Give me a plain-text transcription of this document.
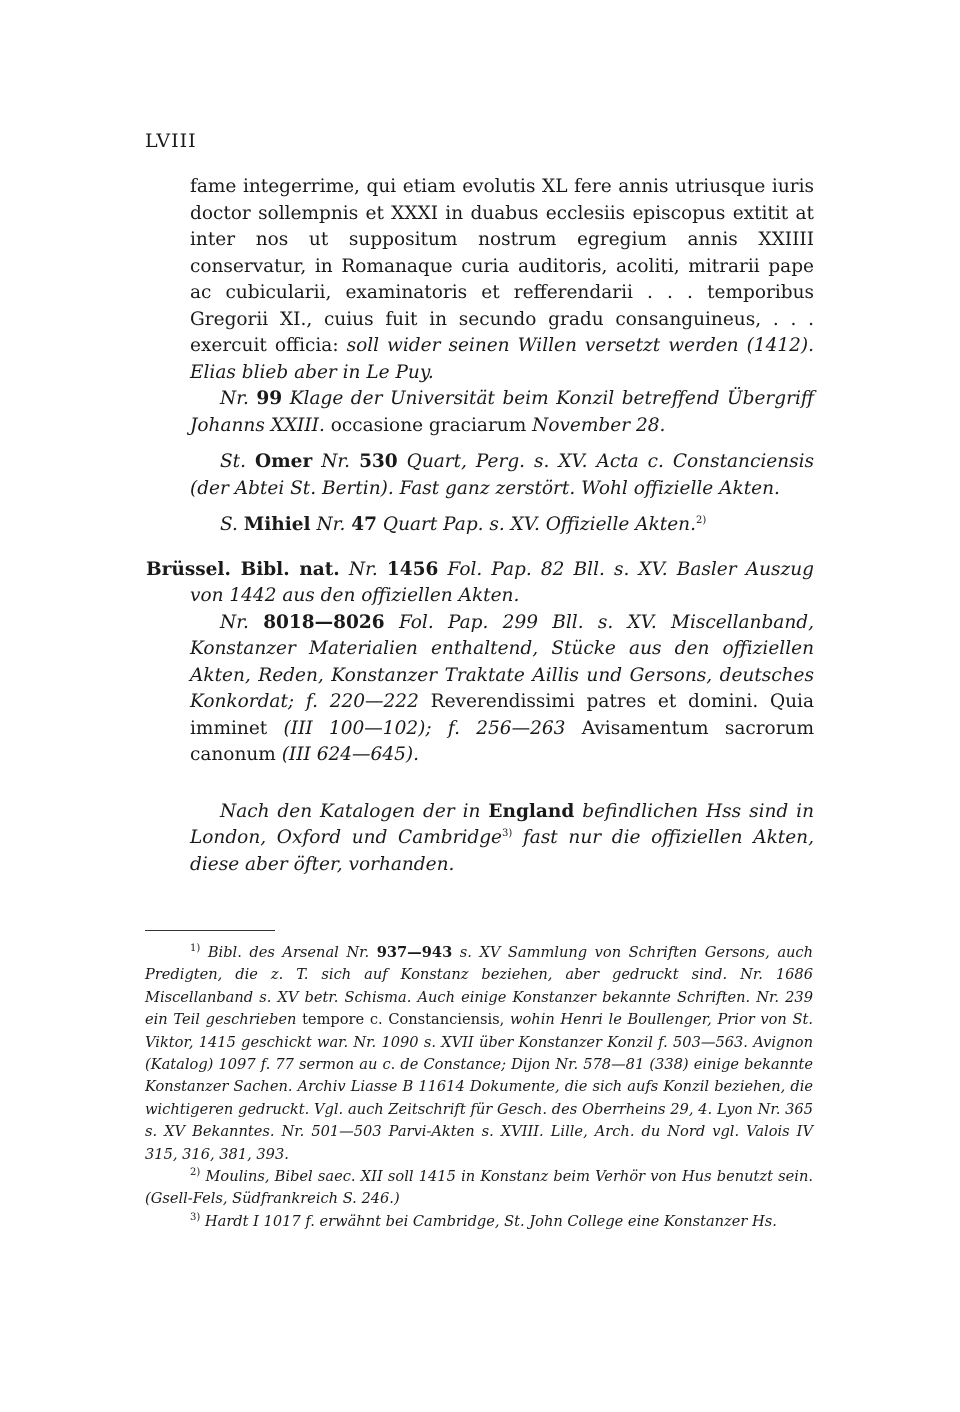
LVIII

fame integerrime, qui etiam evolutis XL fere annis utriusque iuris doctor sollempnis et XXXI in duabus ecclesiis episcopus extitit at inter nos ut suppositum nostrum egregium annis XXIIII conservatur, in Romanaque curia auditoris, acoliti, mitrarii pape ac cubicularii, examinatoris et refferendarii . . . temporibus Gregorii XI., cuius fuit in secundo gradu consanguineus, . . . exercuit officia: soll wider seinen Willen versetzt werden (1412). Elias blieb aber in Le Puy.

Nr. 99 Klage der Universität beim Konzil betreffend Übergriff Johanns XXIII. occasione graciarum November 28.

St. Omer Nr. 530 Quart, Perg. s. XV. Acta c. Constanciensis (der Abtei St. Bertin). Fast ganz zerstört. Wohl offizielle Akten.

S. Mihiel Nr. 47 Quart Pap. s. XV. Offizielle Akten.$^{2)}$

Brüssel. Bibl. nat. Nr. 1456 Fol. Pap. 82 Bll. s. XV. Basler Auszug von 1442 aus den offiziellen Akten.

Nr. 8018—8026 Fol. Pap. 299 Bll. s. XV. Miscellanband, Konstanzer Materialien enthaltend, Stücke aus den offiziellen Akten, Reden, Konstanzer Traktate Aillis und Gersons, deutsches Konkordat; f. 220—222 Reverendissimi patres et domini. Quia imminet (III 100—102); f. 256—263 Avisamentum sacrorum canonum (III 624—645).

Nach den Katalogen der in England befindlichen Hss sind in London, Oxford und Cambridge$^{3)}$ fast nur die offiziellen Akten, diese aber öfter, vorhanden.

$^{1)}$ Bibl. des Arsenal Nr. 937—943 s. XV Sammlung von Schriften Gersons, auch Predigten, die z. T. sich auf Konstanz beziehen, aber gedruckt sind. Nr. 1686 Miscellanband s. XV betr. Schisma. Auch einige Konstanzer bekannte Schriften. Nr. 239 ein Teil geschrieben tempore c. Constanciensis, wohin Henri le Boullenger, Prior von St. Viktor, 1415 geschickt war. Nr. 1090 s. XVII über Konstanzer Konzil f. 503—563. Avignon (Katalog) 1097 f. 77 sermon au c. de Constance; Dijon Nr. 578—81 (338) einige bekannte Konstanzer Sachen. Archiv Liasse B 11614 Dokumente, die sich aufs Konzil beziehen, die wichtigeren gedruckt. Vgl. auch Zeitschrift für Gesch. des Oberrheins 29, 4. Lyon Nr. 365 s. XV Bekanntes. Nr. 501—503 Parvi-Akten s. XVIII. Lille, Arch. du Nord vgl. Valois IV 315, 316, 381, 393.

$^{2)}$ Moulins, Bibel saec. XII soll 1415 in Konstanz beim Verhör von Hus benutzt sein. (Gsell-Fels, Südfrankreich S. 246.)

$^{3)}$ Hardt I 1017 f. erwähnt bei Cambridge, St. John College eine Konstanzer Hs.
